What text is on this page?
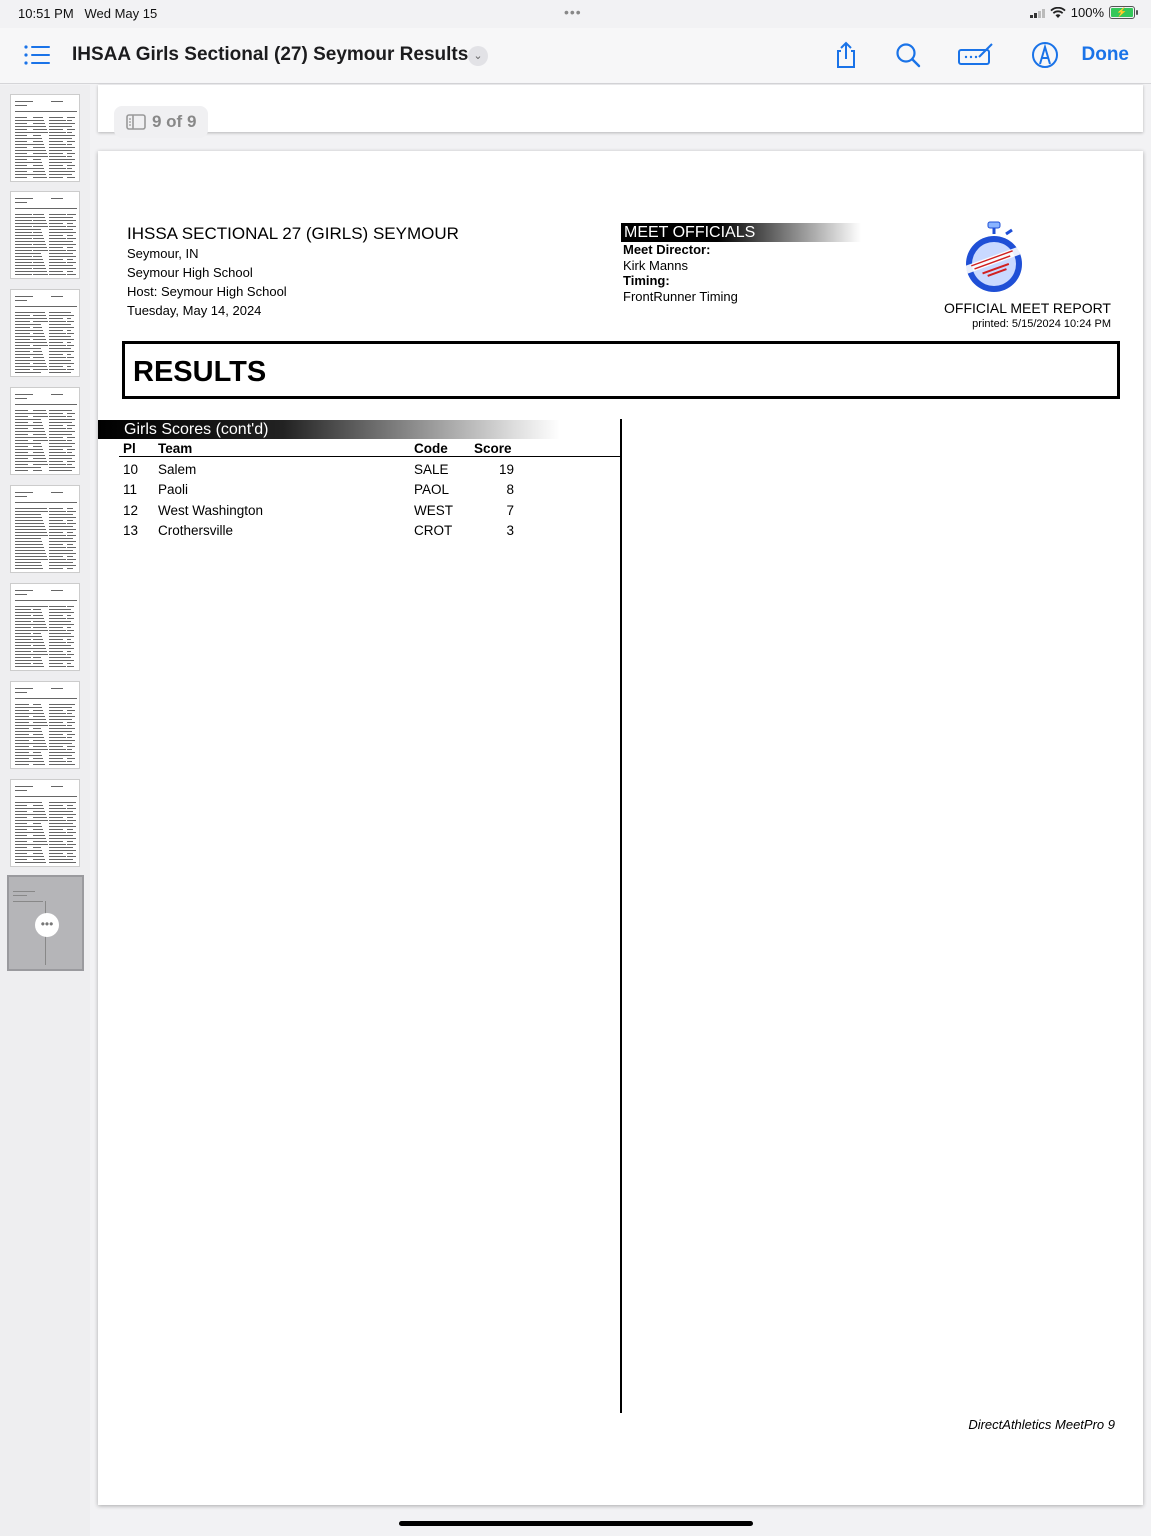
10:51 PM Wed May 15	•••	100%	⚡
IHSAA Girls Sectional (27) Seymour Results ⌄	Done
•••
9 of 9
IHSSA SECTIONAL 27 (GIRLS) SEYMOUR
Seymour, IN
Seymour High School
Host: Seymour High School
Tuesday, May 14, 2024
MEET OFFICIALS
Meet Director:
Kirk Manns
Timing:
FrontRunner Timing
OFFICIAL MEET REPORT
printed: 5/15/2024 10:24 PM
RESULTS
Girls Scores (cont'd)
Pl Team	Code Score
10 Salem	SALE	19
11 Paoli	PAOL	8
12 West Washington	WEST	7
13 Crothersville	CROT	3
DirectAthletics MeetPro 9
